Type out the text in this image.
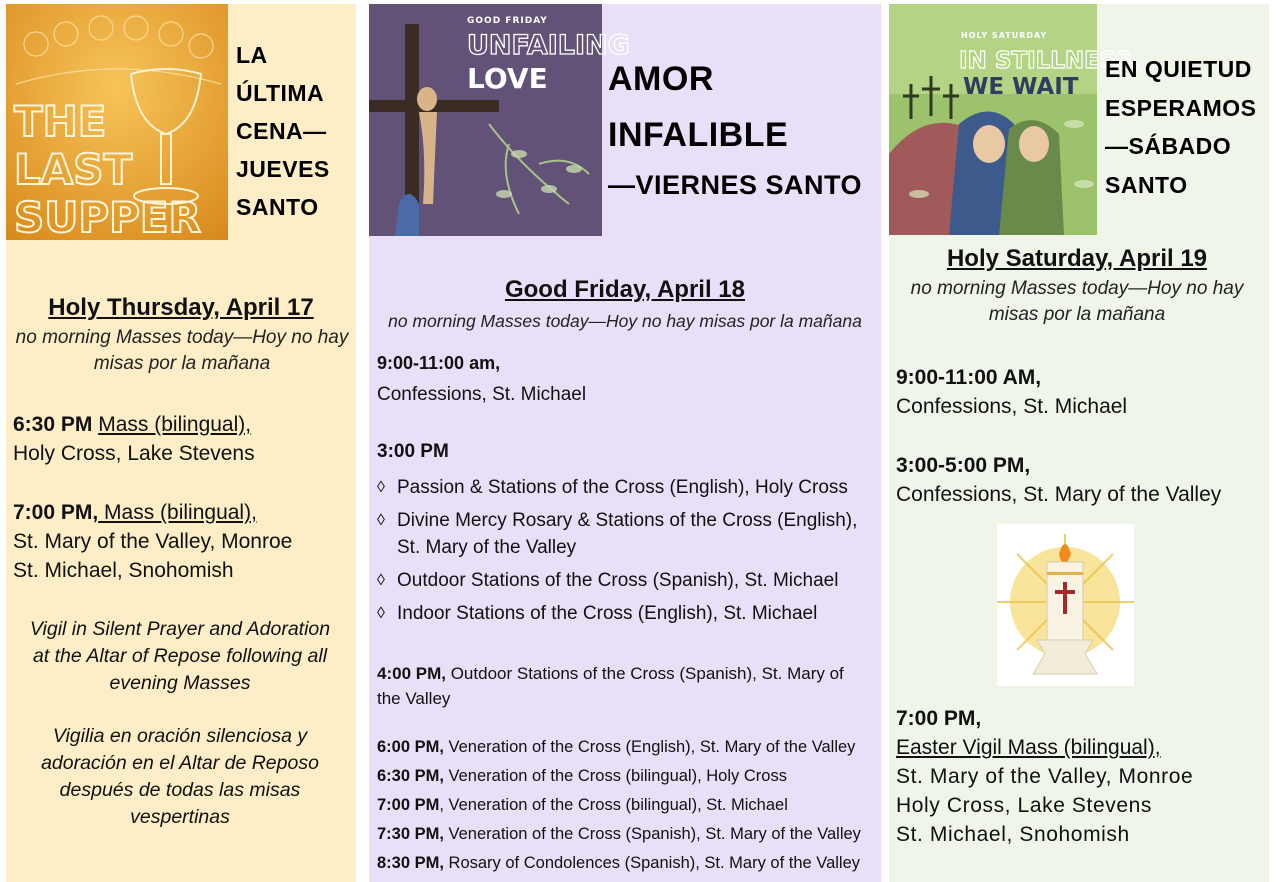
THE
LAST
SUPPER
LA
ÚLTIMA
CENA—
JUEVES
SANTO
Holy Thursday, April 17
no morning Masses today—Hoy no hay misas por la mañana
6:30 PM Mass (bilingual),
Holy Cross, Lake Stevens
7:00 PM, Mass (bilingual),
St. Mary of the Valley, Monroe
St. Michael, Snohomish
Vigil in Silent Prayer and Adoration at the Altar of Repose following all evening Masses
Vigilia en oración silenciosa y adoración en el Altar de Reposo después de todas las misas vespertinas
GOOD FRIDAY
UNFAILING
LOVE AMOR
INFALIBLE
—VIERNES SANTO
Good Friday, April 18
no morning Masses today—Hoy no hay misas por la mañana
9:00-11:00 am,
Confessions, St. Michael
3:00 PM
◊ Passion & Stations of the Cross (English), Holy Cross
◊ Divine Mercy Rosary & Stations of the Cross (English), St. Mary of the Valley
◊ Outdoor Stations of the Cross (Spanish), St. Michael
◊ Indoor Stations of the Cross (English), St. Michael
4:00 PM, Outdoor Stations of the Cross (Spanish), St. Mary of the Valley
6:00 PM, Veneration of the Cross (English), St. Mary of the Valley
6:30 PM, Veneration of the Cross (bilingual), Holy Cross
7:00 PM, Veneration of the Cross (bilingual), St. Michael
7:30 PM, Veneration of the Cross (Spanish), St. Mary of the Valley
8:30 PM, Rosary of Condolences (Spanish), St. Mary of the Valley
HOLY SATURDAY
IN STILLNESS,
WE WAIT
EN QUIETUD
ESPERAMOS
—SÁBADO
SANTO
Holy Saturday, April 19
no morning Masses today—Hoy no hay misas por la mañana
9:00-11:00 AM,
Confessions, St. Michael
3:00-5:00 PM,
Confessions, St. Mary of the Valley
7:00 PM,
Easter Vigil Mass (bilingual),
St. Mary of the Valley, Monroe
Holy Cross, Lake Stevens
St. Michael, Snohomish
